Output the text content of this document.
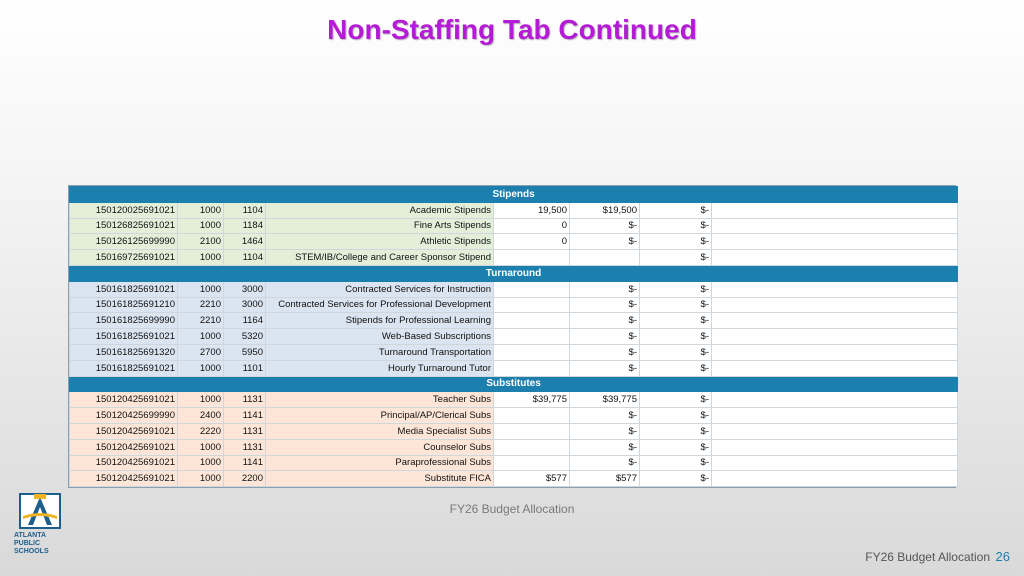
Non-Staffing Tab Continued
Stipends							
150120025691021	1000	1104	Academic Stipends	19,500	$19,500	$-	
150126825691021	1000	1184	Fine Arts Stipends	0	$-	$-	
150126125699990	2100	1464	Athletic Stipends	0	$-	$-	
150169725691021	1000	1104	STEM/IB/College and Career Sponsor Stipend			$-	
Turnaround							
150161825691021	1000	3000	Contracted Services for Instruction		$-	$-	
150161825691210	2210	3000	Contracted Services for Professional Development		$-	$-	
150161825699990	2210	1164	Stipends for Professional Learning		$-	$-	
150161825691021	1000	5320	Web-Based Subscriptions		$-	$-	
150161825691320	2700	5950	Turnaround Transportation		$-	$-	
150161825691021	1000	1101	Hourly Turnaround Tutor		$-	$-	
Substitutes							
150120425691021	1000	1131	Teacher Subs	$39,775	$39,775	$-	
150120425699990	2400	1141	Principal/AP/Clerical Subs		$-	$-	
150120425691021	2220	1131	Media Specialist Subs		$-	$-	
150120425691021	1000	1131	Counselor Subs		$-	$-	
150120425691021	1000	1141	Paraprofessional Subs		$-	$-	
150120425691021	1000	2200	Substitute FICA	$577	$577	$-	
FY26 Budget Allocation
FY26 Budget Allocation 26
ATLANTA PUBLIC SCHOOLS
